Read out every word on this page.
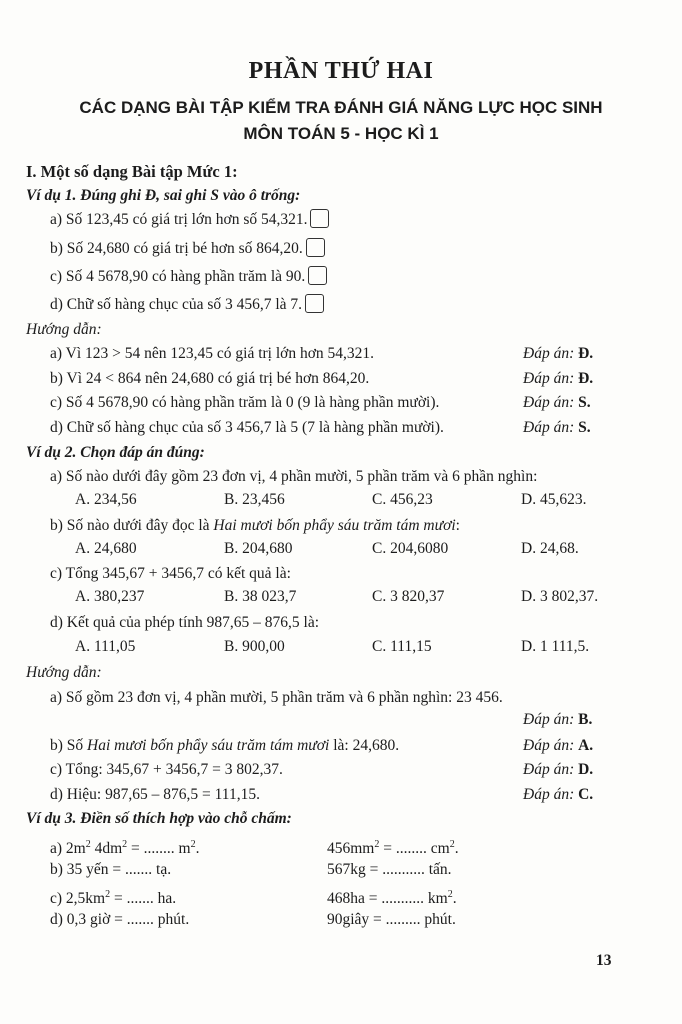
PHẦN THỨ HAI
CÁC DẠNG BÀI TẬP KIỂM TRA ĐÁNH GIÁ NĂNG LỰC HỌC SINH
MÔN TOÁN 5 - HỌC KÌ 1
I. Một số dạng Bài tập Mức 1:
Ví dụ 1. Đúng ghi Đ, sai ghi S vào ô trống:
a) Số 123,45 có giá trị lớn hơn số 54,321.
b) Số 24,680 có giá trị bé hơn số 864,20.
c) Số 4 5678,90 có hàng phần trăm là 90.
d) Chữ số hàng chục của số 3 456,7 là 7.
Hướng dẫn:
a) Vì 123 > 54 nên 123,45 có giá trị lớn hơn 54,321.	Đáp án: Đ.
b) Vì 24 < 864 nên 24,680 có giá trị bé hơn 864,20.	Đáp án: Đ.
c) Số 4 5678,90 có hàng phần trăm là 0 (9 là hàng phần mười).	Đáp án: S.
d) Chữ số hàng chục của số 3 456,7 là 5 (7 là hàng phần mười).	Đáp án: S.
Ví dụ 2. Chọn đáp án đúng:
a) Số nào dưới đây gồm 23 đơn vị, 4 phần mười, 5 phần trăm và 6 phần nghìn:
A. 234,56	B. 23,456	C. 456,23	D. 45,623.
b) Số nào dưới đây đọc là Hai mươi bốn phẩy sáu trăm tám mươi:
A. 24,680	B. 204,680	C. 204,6080	D. 24,68.
c) Tổng 345,67 + 3456,7 có kết quả là:
A. 380,237	B. 38 023,7	C. 3 820,37	D. 3 802,37.
d) Kết quả của phép tính 987,65 – 876,5 là:
A. 111,05	B. 900,00	C. 111,15	D. 1 111,5.
Hướng dẫn:
a) Số gồm 23 đơn vị, 4 phần mười, 5 phần trăm và 6 phần nghìn: 23 456.
Đáp án: B.
b) Số Hai mươi bốn phẩy sáu trăm tám mươi là: 24,680.	Đáp án: A.
c) Tổng: 345,67 + 3456,7 = 3 802,37.	Đáp án: D.
d) Hiệu: 987,65 – 876,5 = 111,15.	Đáp án: C.
Ví dụ 3. Điền số thích hợp vào chỗ chấm:
a) $2m^2$ $4dm^2$ = ........ $m^2$.	$456mm^2$ = ........ $cm^2$.
b) 35 yến = ....... tạ.	567kg = ........... tấn.
c) $2,5km^2$ = ....... ha.	468ha = ........... $km^2$.
d) 0,3 giờ = ....... phút.	90giây = ......... phút.
13
